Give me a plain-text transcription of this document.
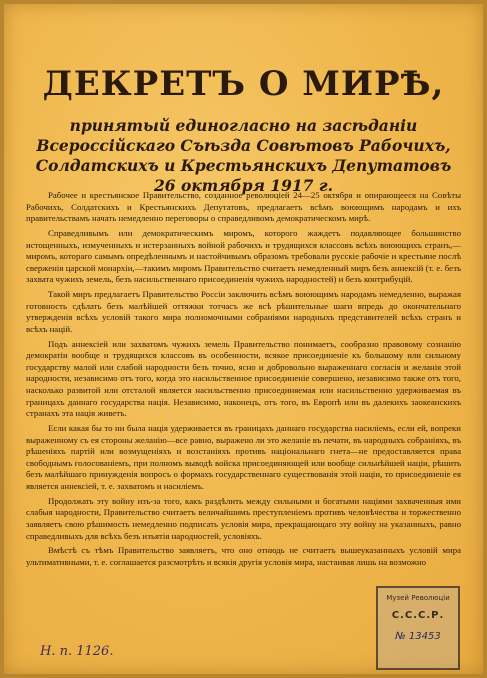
ДЕКРЕТЪ О МИРѢ,
принятый единогласно на засѣданіи Всероссійскаго Съѣзда Совѣтовъ Рабочихъ, Солдатскихъ и Крестьянскихъ Депутатовъ 26 октября 1917 г.

Рабочее и крестьянское Правительство, созданное революціей 24—25 октября и опирающееся на Совѣты Рабочихъ, Солдатскихъ и Крестьянскихъ Депутатовъ, предлагаетъ всѣмъ воюющимъ народамъ и ихъ правительствамъ начать немедленно переговоры о справедливомъ демократическомъ мирѣ.

Справедливымъ или демократическимъ миромъ, которого жаждетъ подавляющее большинство истощенныхъ, измученныхъ и истерзанныхъ войной рабочихъ и трудящихся классовъ всѣхъ воюющихъ странъ,—миромъ, котораго самымъ опредѣленнымъ и настойчивымъ образомъ требовали русскіе рабочіе и крестьяне послѣ сверженія царской монархіи,—такимъ миромъ Правительство считаетъ немедленный миръ безъ аннексій (т. е. безъ захвата чужихъ земель, безъ насильственнаго присоединенія чужихъ народностей) и безъ контрибуцій.

Такой миръ предлагаетъ Правительство Россіи заключить всѣмъ воюющимъ народамъ немедленно, выражая готовность сдѣлать безъ малѣйшей оттяжки тотчасъ же всѣ рѣшительные шаги впредь до окончательнаго утвержденія всѣхъ условій такого мира полномочными собраніями народныхъ представителей всѣхъ странъ и всѣхъ націй.

Подъ аннексіей или захватомъ чужихъ земель Правительство понимаетъ, сообразно правовому сознанію демократіи вообще и трудящихся классовъ въ особенности, всякое присоединеніе къ большому или сильному государству малой или слабой народности безъ точно, ясно и добровольно выраженнаго согласія и желанія этой народности, независимо отъ того, когда это насильственное присоединеніе совершено, независимо также отъ того, насколько развитой или отсталой является насильственно присоединяемая или насильственно удерживаемая въ границахъ даннаго государства нація. Независимо, наконецъ, отъ того, въ Европѣ или въ далекихъ заокеанскихъ странахъ эта нація живетъ.

Если какая бы то ни была нація удерживается въ границахъ даннаго государства насиліемъ, если ей, вопреки выраженному съ ея стороны желанію—все равно, выражено ли это желаніе въ печати, въ народныхъ собраніяхъ, въ рѣшеніяхъ партій или возмущеніяхъ и возстаніяхъ противъ національнаго гнета—не предоставляется права свободнымъ голосованіемъ, при полномъ выводѣ войска присоединяющей или вообще сильнѣйшей націи, рѣшить безъ малѣйшаго принужденія вопросъ о формахъ государственнаго существованія этой націи, то присоединеніе ея является аннексіей, т. е. захватомъ и насиліемъ.

Продолжать эту войну изъ-за того, какъ раздѣлить между сильными и богатыми націями захваченныя ими слабыя народности, Правительство считаетъ величайшимъ преступленіемъ противъ человѣчества и торжественно заявляетъ свою рѣшимость немедленно подписать условія мира, прекращающаго эту войну на указанныхъ, равно справедливыхъ для всѣхъ безъ изъятія народностей, условіяхъ.

Вмѣстѣ съ тѣмъ Правительство заявляетъ, что оно отнюдь не считаетъ вышеуказанныхъ условій мира ультимативными, т. е. соглашается разсмотрѣть и всякія другія условія мира, настаивая лишь на возможно

Н. п. 1126.
Музей Революціи
С.С.С.Р.
№ 13453
